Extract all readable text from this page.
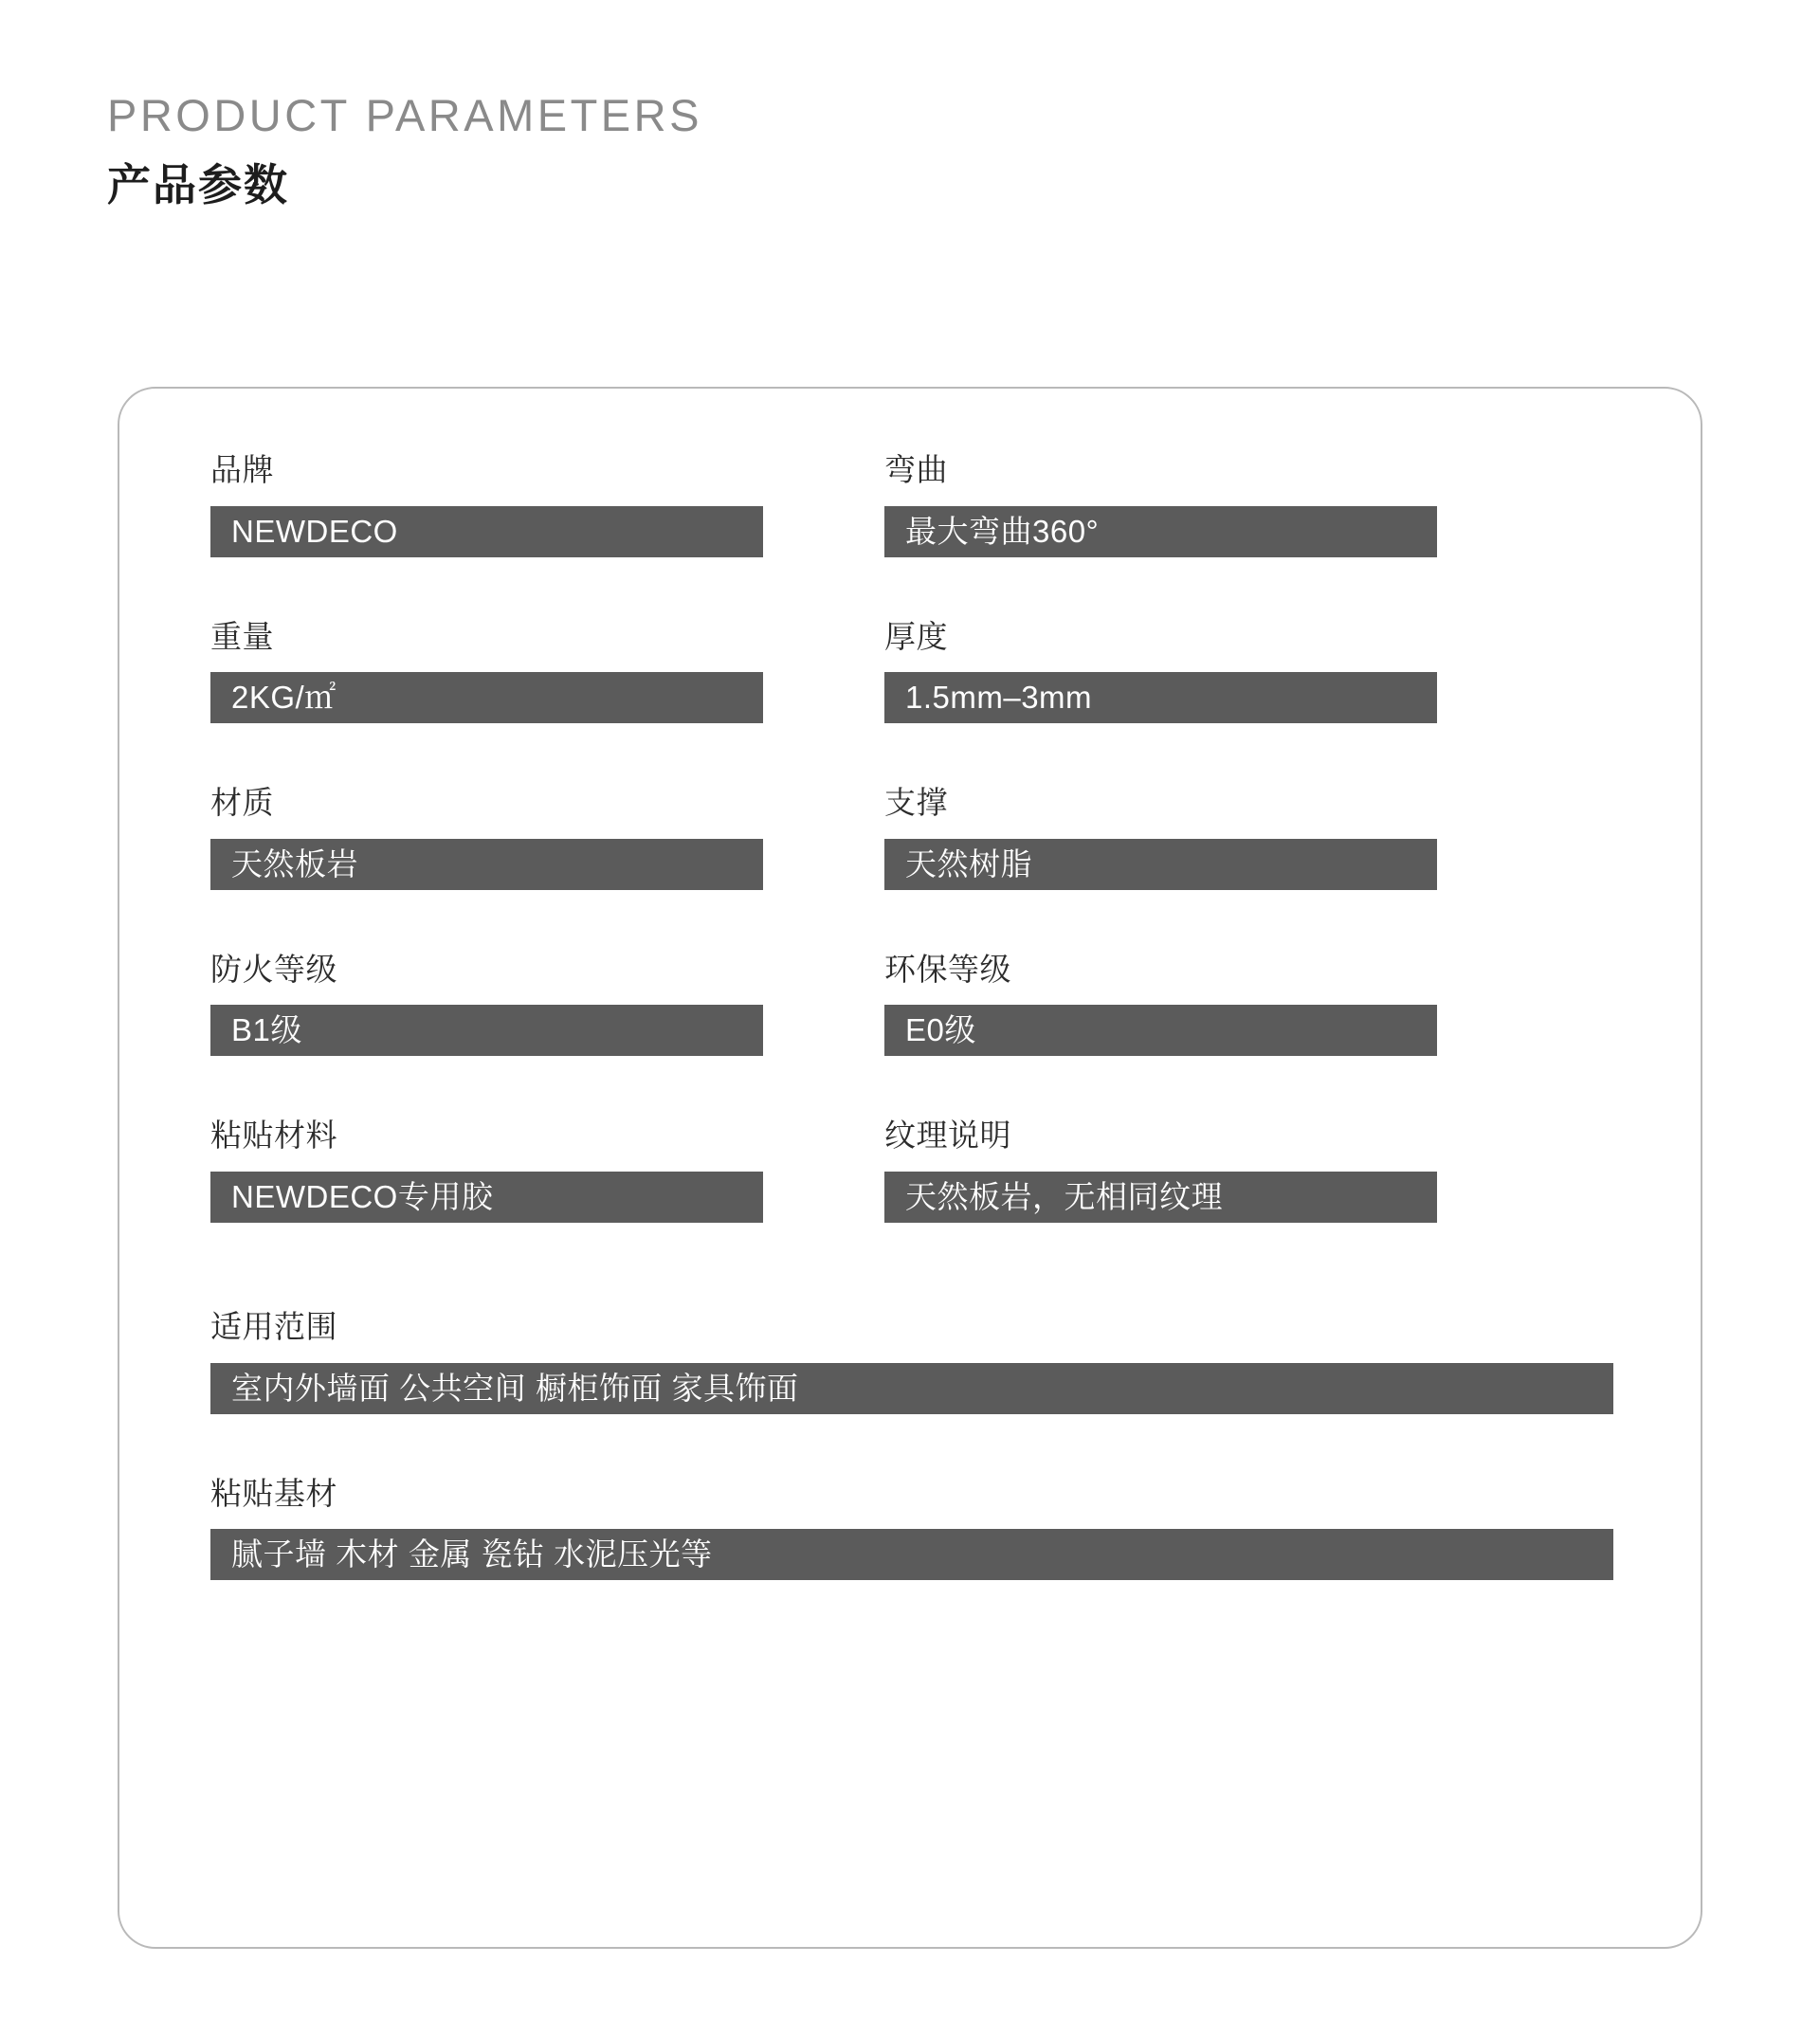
PRODUCT PARAMETERS
产品参数
品牌
NEWDECO
弯曲
最大弯曲360°
重量
2KG/㎡
厚度
1.5mm–3mm
材质
天然板岩
支撑
天然树脂
防火等级
B1级
环保等级
E0级
粘贴材料
NEWDECO专用胶
纹理说明
天然板岩，无相同纹理
适用范围
室内外墙面 公共空间 橱柜饰面 家具饰面
粘贴基材
腻子墙 木材 金属 瓷钻 水泥压光等
